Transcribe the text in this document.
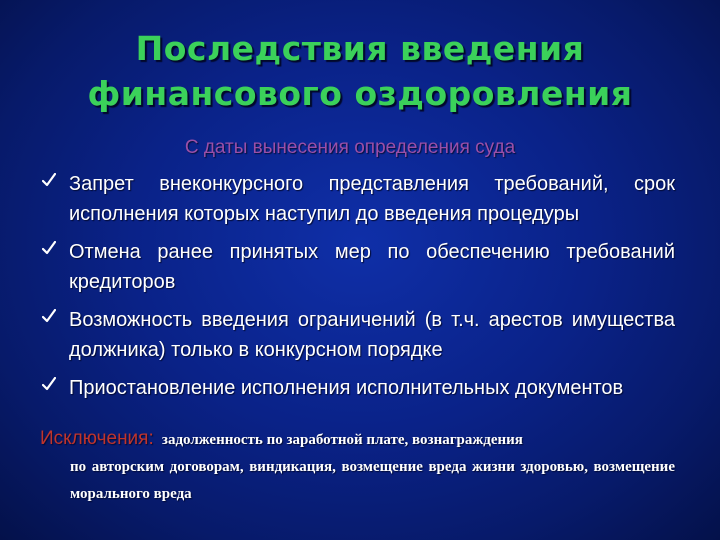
Последствия введения финансового оздоровления
С даты вынесения определения суда
Запрет внеконкурсного представления требований, срок исполнения которых наступил до введения процедуры
Отмена ранее принятых мер по обеспечению требований кредиторов
Возможность введения ограничений (в т.ч. арестов имущества должника) только в конкурсном порядке
Приостановление исполнения исполнительных документов
Исключения: задолженность по заработной плате, вознаграждения
по авторским договорам, виндикация, возмещение вреда жизни здоровью, возмещение морального вреда
